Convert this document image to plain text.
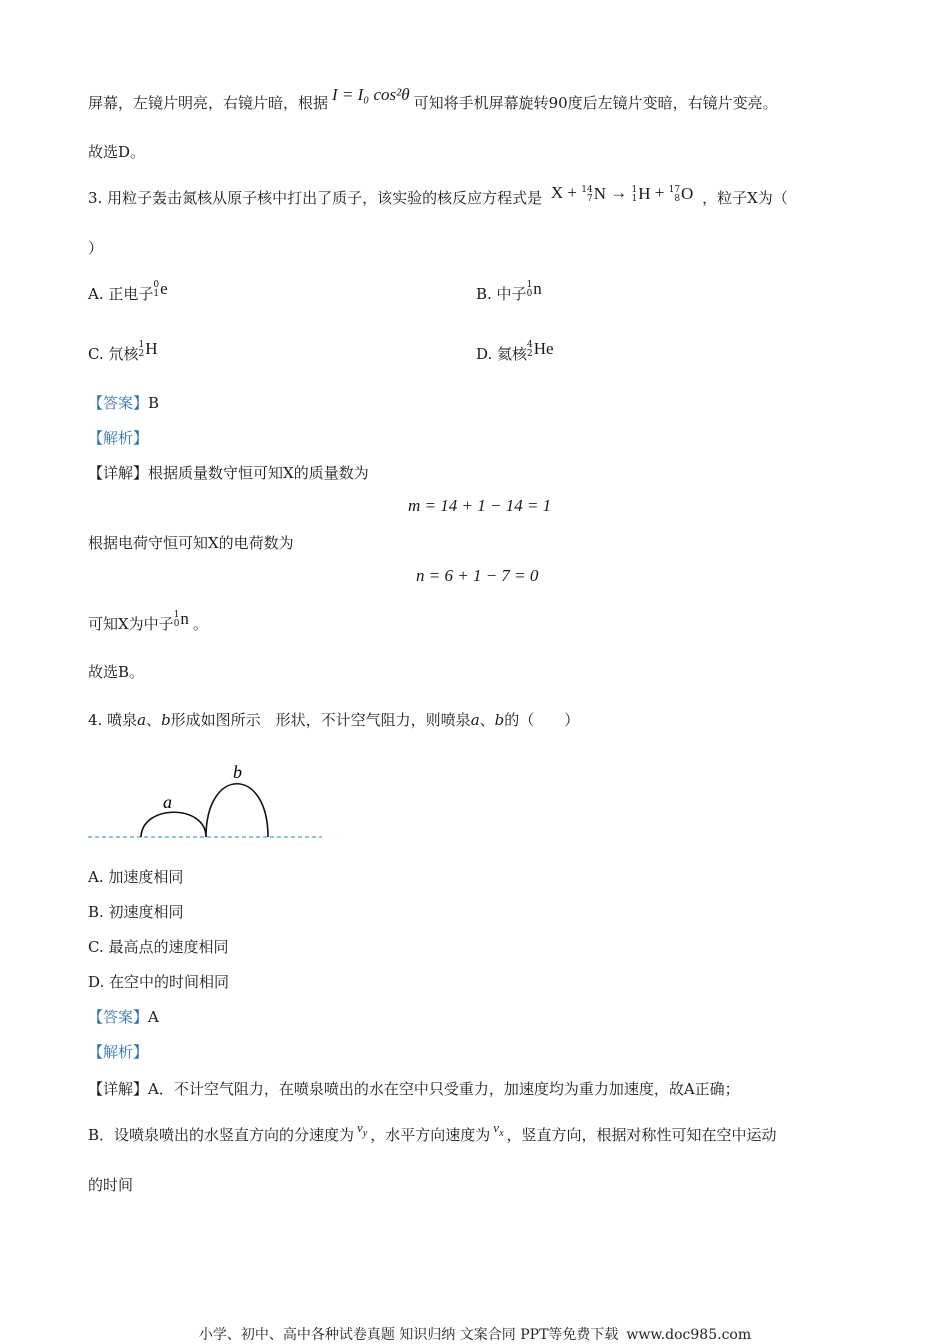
屏幕，左镜片明亮，右镜片暗，根据 I = I₀ cos²θ 可知将手机屏幕旋转90度后左镜片变暗，右镜片变亮。
故选D。
3. 用粒子轰击氮核从原子核中打出了质子，该实验的核反应方程式是 X + 14
7 N → 1
1 H + 17
8 O ，粒子X为（
）
A. 正电子 0
1 e	B. 中子 1
0 n
C. 氘核 1
2 H	D. 氦核 4
2 He
【答案】B
【解析】
【详解】根据质量数守恒可知X的质量数为
m = 14 + 1 − 14 = 1
根据电荷守恒可知X的电荷数为
n = 6 + 1 − 7 = 0
可知X为中子 1
0 n 。
故选B。
4. 喷泉a、b形成如图所示　形状，不计空气阻力，则喷泉a、b的（　　）
a
b
A. 加速度相同
B. 初速度相同
C. 最高点的速度相同
D. 在空中的时间相同
【答案】A
【解析】
【详解】A．不计空气阻力，在喷泉喷出的水在空中只受重力，加速度均为重力加速度，故A正确；
B．设喷泉喷出的水竖直方向的分速度为 $v_y$ ，水平方向速度为 $v_x$ ，竖直方向，根据对称性可知在空中运动
的时间
小学、初中、高中各种试卷真题 知识归纳 文案合同 PPT等免费下载 www.doc985.com
